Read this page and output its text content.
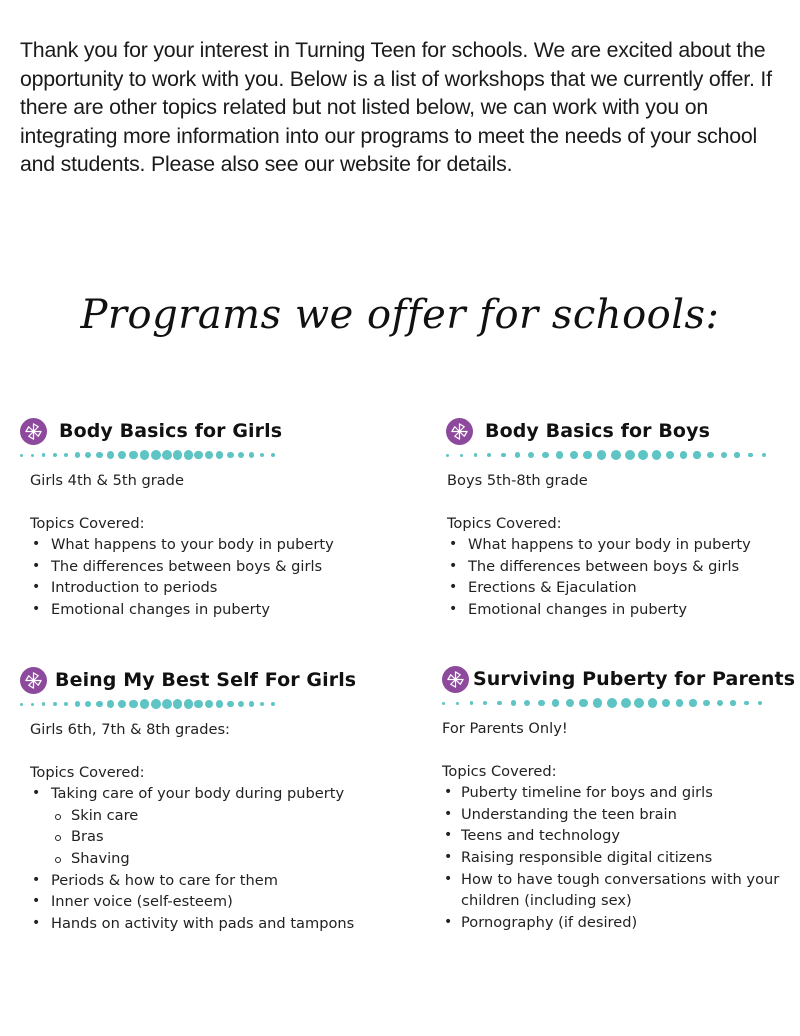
Thank you for your interest in Turning Teen for schools. We are excited about the opportunity to work with you. Below is a list of workshops that we currently offer. If there are other topics related but not listed below, we can work with you on integrating more information into our programs to meet the needs of your school and students. Please also see our website for details.

Programs we offer for schools:
Body Basics for Girls
Girls 4th & 5th grade
Topics Covered:
• What happens to your body in puberty
• The differences between boys & girls
• Introduction to periods
• Emotional changes in puberty
Body Basics for Boys
Boys 5th-8th grade
Topics Covered:
• What happens to your body in puberty
• The differences between boys & girls
• Erections & Ejaculation
• Emotional changes in puberty
Being My Best Self For Girls
Girls 6th, 7th & 8th grades:
Topics Covered:
• Taking care of your body during puberty
Skin care
Bras
Shaving
• Periods & how to care for them
• Inner voice (self-esteem)
• Hands on activity with pads and tampons
Surviving Puberty for Parents
For Parents Only!
Topics Covered:
• Puberty timeline for boys and girls
• Understanding the teen brain
• Teens and technology
• Raising responsible digital citizens
• How to have tough conversations with your children (including sex)
• Pornography (if desired)
